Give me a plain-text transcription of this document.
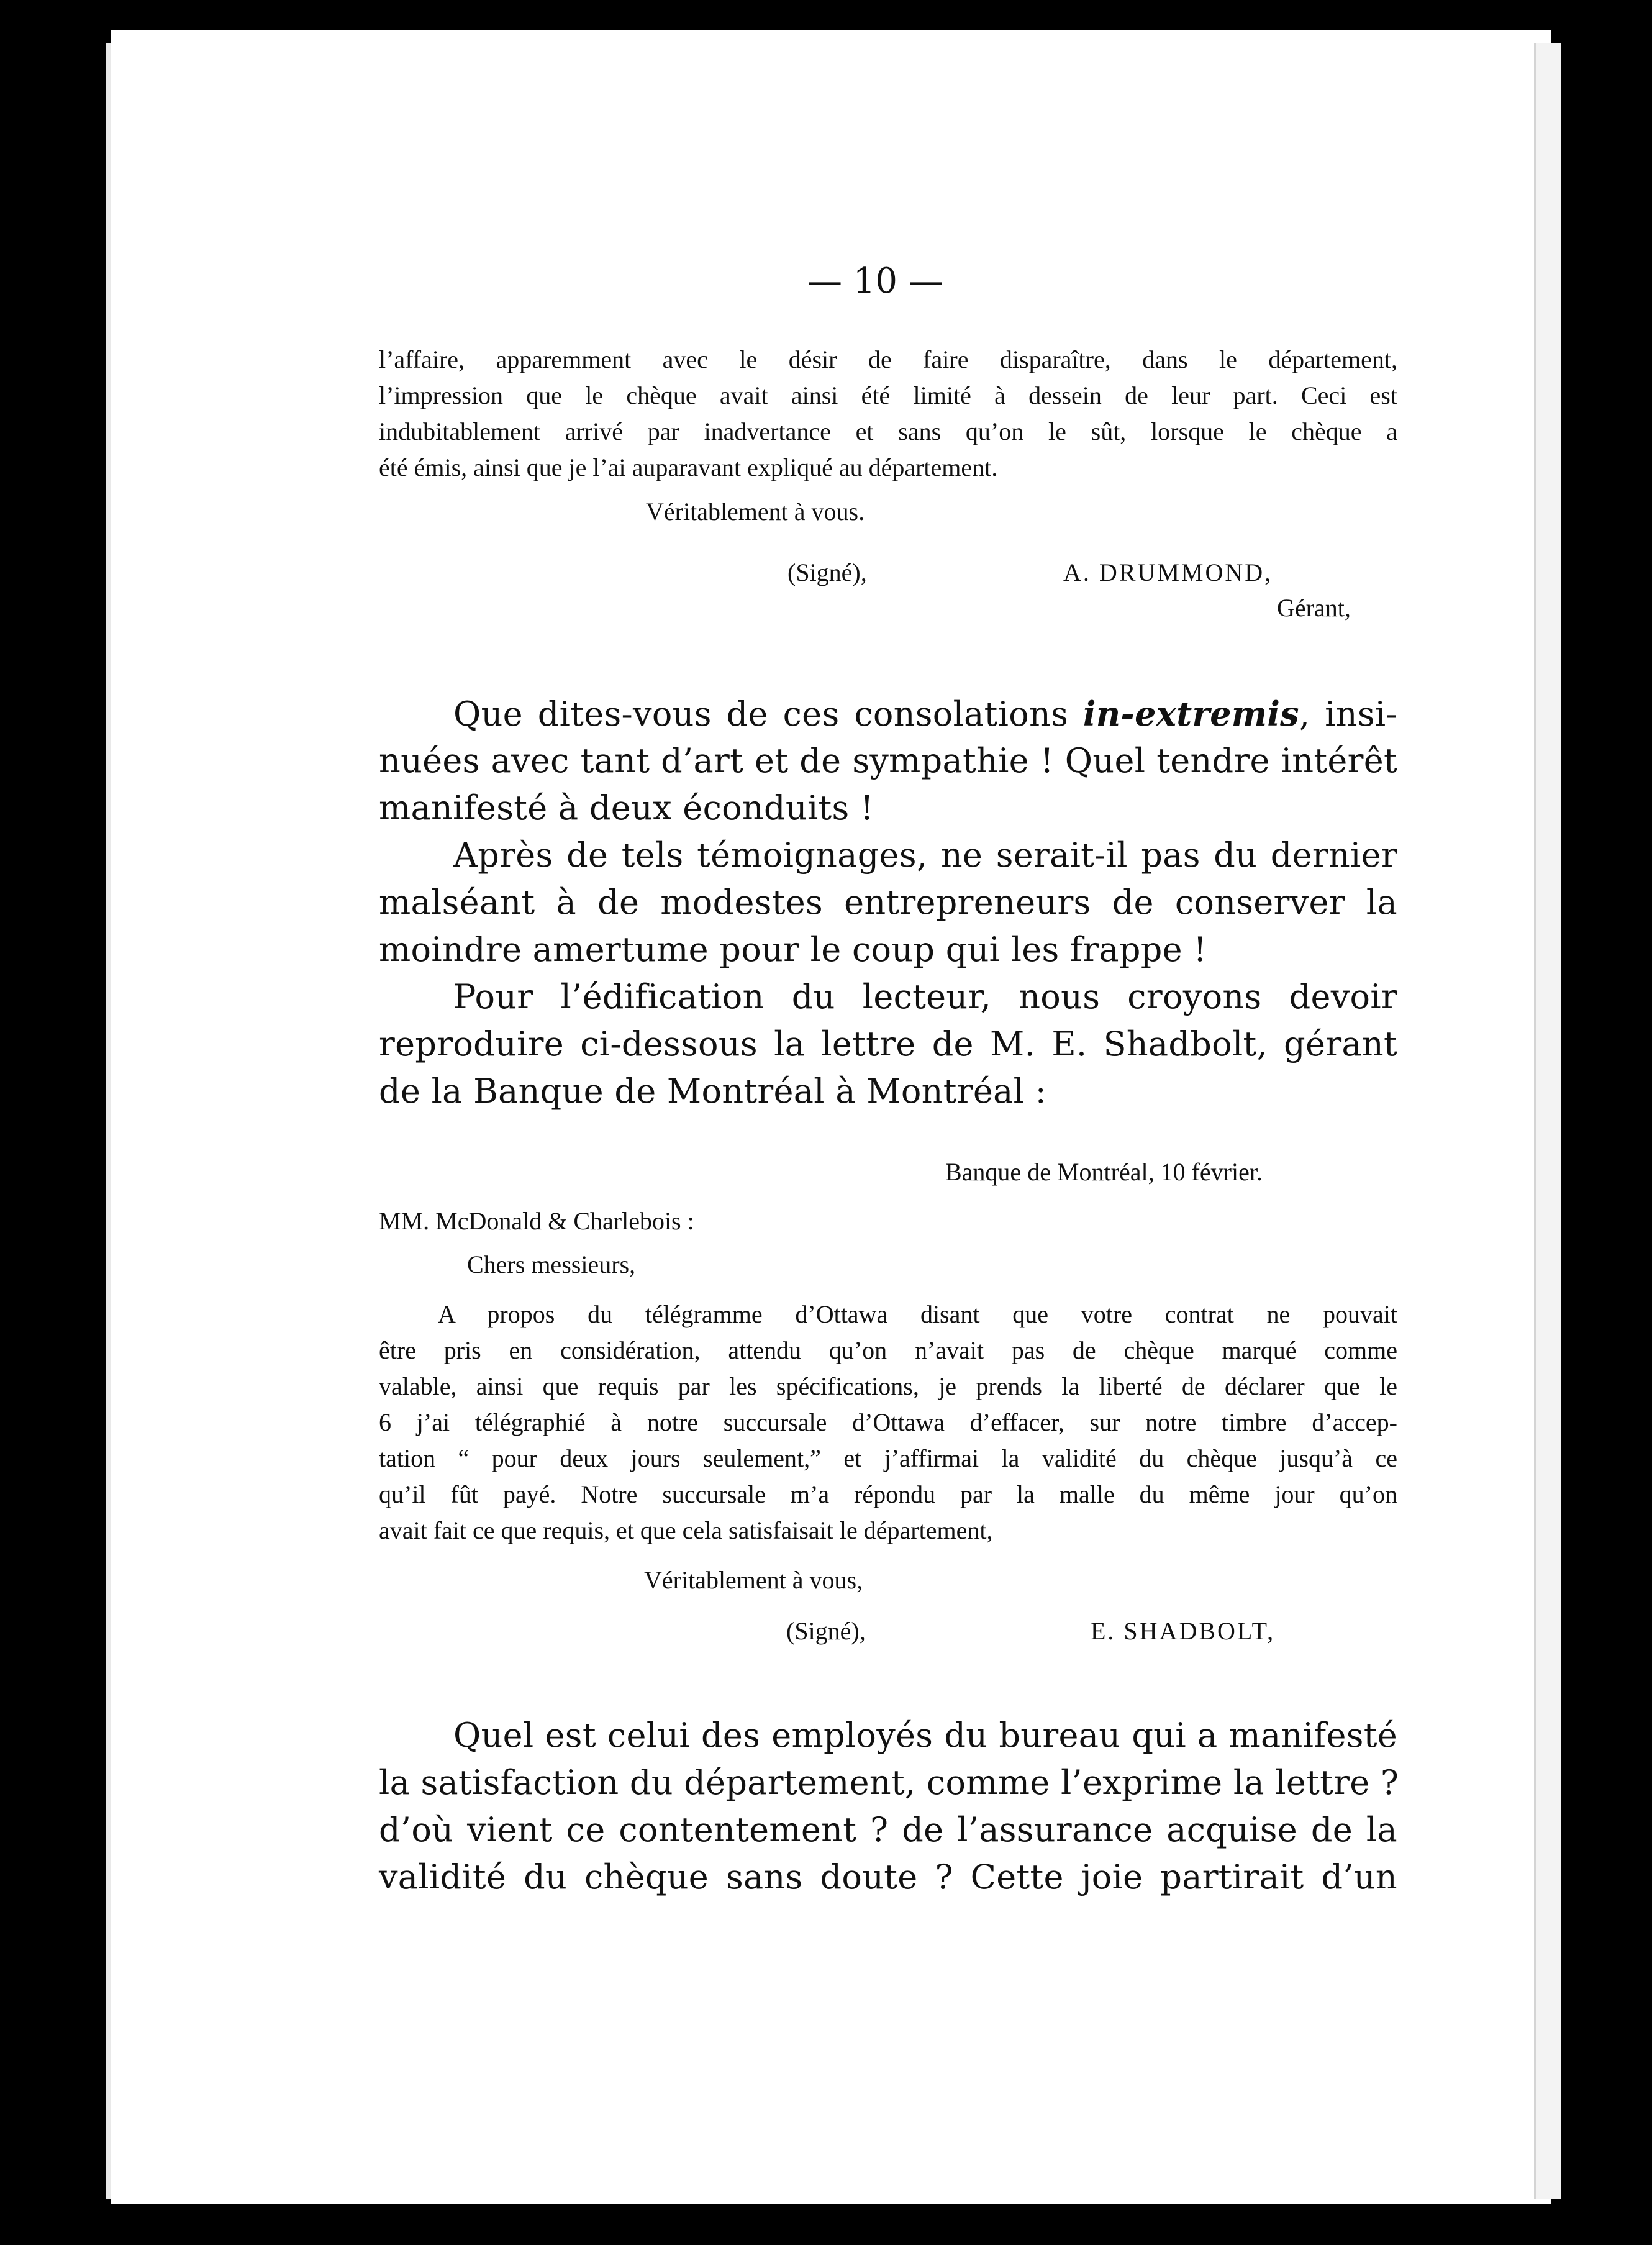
— 10 —
l’affaire, apparemment avec le désir de faire disparaître, dans le département,
l’impression que le chèque avait ainsi été limité à dessein de leur part. Ceci est
indubitablement arrivé par inadvertance et sans qu’on le sût, lorsque le chèque a
été émis, ainsi que je l’ai auparavant expliqué au département.
Véritablement à vous.
(Signé),	A. DRUMMOND,
Gérant,
Que dites-vous de ces consolations in-extremis, insi-
nuées avec tant d’art et de sympathie ! Quel tendre intérêt
manifesté à deux éconduits !
Après de tels témoignages, ne serait-il pas du dernier
malséant à de modestes entrepreneurs de conserver la
moindre amertume pour le coup qui les frappe !
Pour l’édification du lecteur, nous croyons devoir
reproduire ci-dessous la lettre de M. E. Shadbolt, gérant
de la Banque de Montréal à Montréal :
Banque de Montréal, 10 février.
MM. McDonald & Charlebois :
Chers messieurs,
A propos du télégramme d’Ottawa disant que votre contrat ne pouvait
être pris en considération, attendu qu’on n’avait pas de chèque marqué comme
valable, ainsi que requis par les spécifications, je prends la liberté de déclarer que le
6 j’ai télégraphié à notre succursale d’Ottawa d’effacer, sur notre timbre d’accep-
tation “ pour deux jours seulement,” et j’affirmai la validité du chèque jusqu’à ce
qu’il fût payé. Notre succursale m’a répondu par la malle du même jour qu’on
avait fait ce que requis, et que cela satisfaisait le département,
Véritablement à vous,
(Signé),	E. SHADBOLT,
Quel est celui des employés du bureau qui a manifesté
la satisfaction du département, comme l’exprime la lettre ?
d’où vient ce contentement ? de l’assurance acquise de la
validité du chèque sans doute ? Cette joie partirait d’un
